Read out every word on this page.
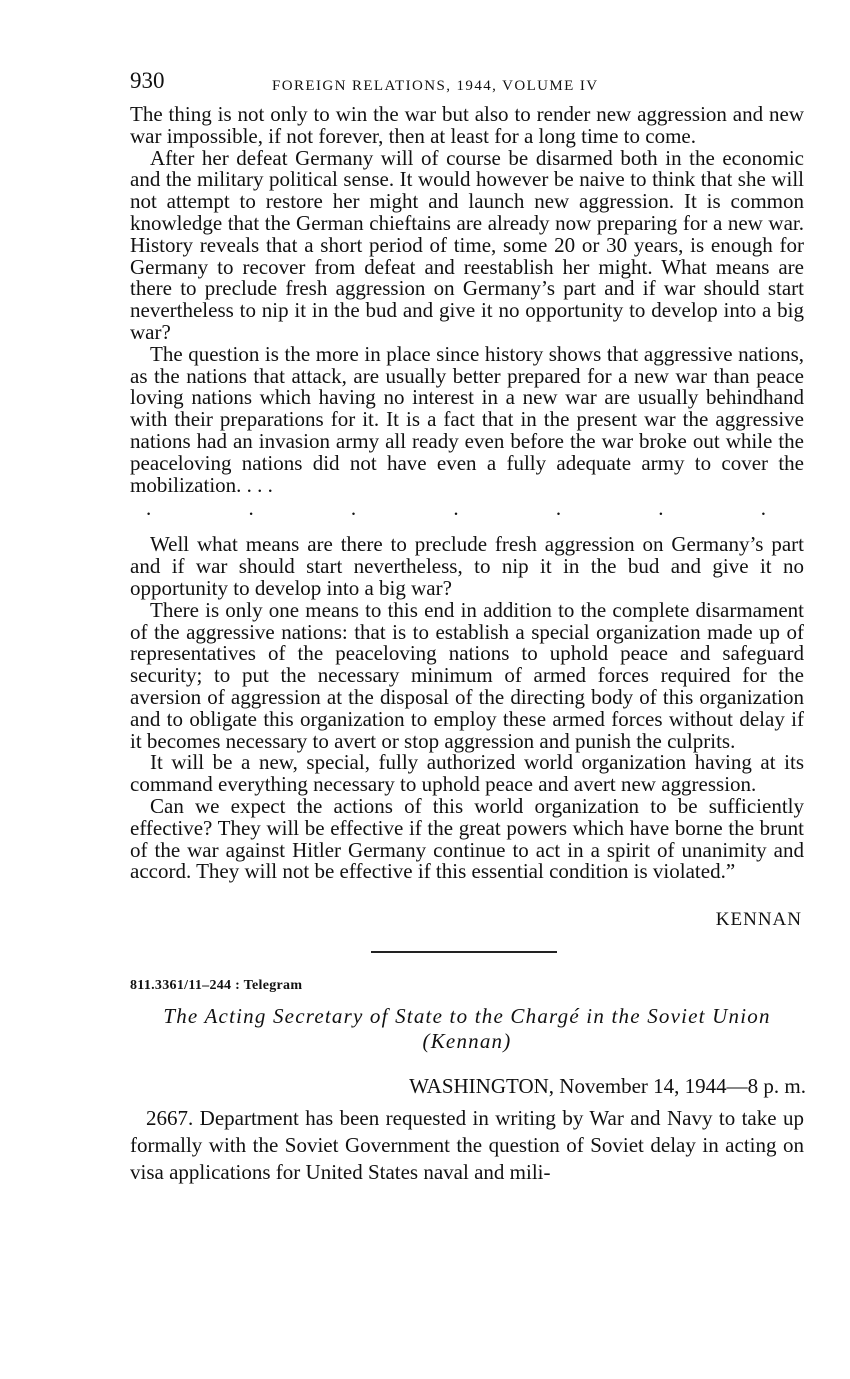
930	FOREIGN RELATIONS, 1944, VOLUME IV

The thing is not only to win the war but also to render new aggression and new war impossible, if not forever, then at least for a long time to come.

After her defeat Germany will of course be disarmed both in the economic and the military political sense. It would however be naive to think that she will not attempt to restore her might and launch new aggression. It is common knowledge that the German chieftains are already now preparing for a new war. History reveals that a short period of time, some 20 or 30 years, is enough for Germany to recover from defeat and reestablish her might. What means are there to preclude fresh aggression on Germany’s part and if war should start nevertheless to nip it in the bud and give it no opportunity to develop into a big war?

The question is the more in place since history shows that aggressive nations, as the nations that attack, are usually better prepared for a new war than peace loving nations which having no interest in a new war are usually behindhand with their preparations for it. It is a fact that in the present war the aggressive nations had an invasion army all ready even before the war broke out while the peaceloving nations did not have even a fully adequate army to cover the mobilization. . . .

.	.	.	.	.	.	.

Well what means are there to preclude fresh aggression on Germany’s part and if war should start nevertheless, to nip it in the bud and give it no opportunity to develop into a big war?

There is only one means to this end in addition to the complete disarmament of the aggressive nations: that is to establish a special organization made up of representatives of the peaceloving nations to uphold peace and safeguard security; to put the necessary minimum of armed forces required for the aversion of aggression at the disposal of the directing body of this organization and to obligate this organization to employ these armed forces without delay if it becomes necessary to avert or stop aggression and punish the culprits.

It will be a new, special, fully authorized world organization having at its command everything necessary to uphold peace and avert new aggression.

Can we expect the actions of this world organization to be sufficiently effective? They will be effective if the great powers which have borne the brunt of the war against Hitler Germany continue to act in a spirit of unanimity and accord. They will not be effective if this essential condition is violated.”

KENNAN
811.3361/11–244 : Telegram
The Acting Secretary of State to the Chargé in the Soviet Union
(Kennan)
WASHINGTON, November 14, 1944—8 p. m.

2667. Department has been requested in writing by War and Navy to take up formally with the Soviet Government the question of Soviet delay in acting on visa applications for United States naval and mili-
